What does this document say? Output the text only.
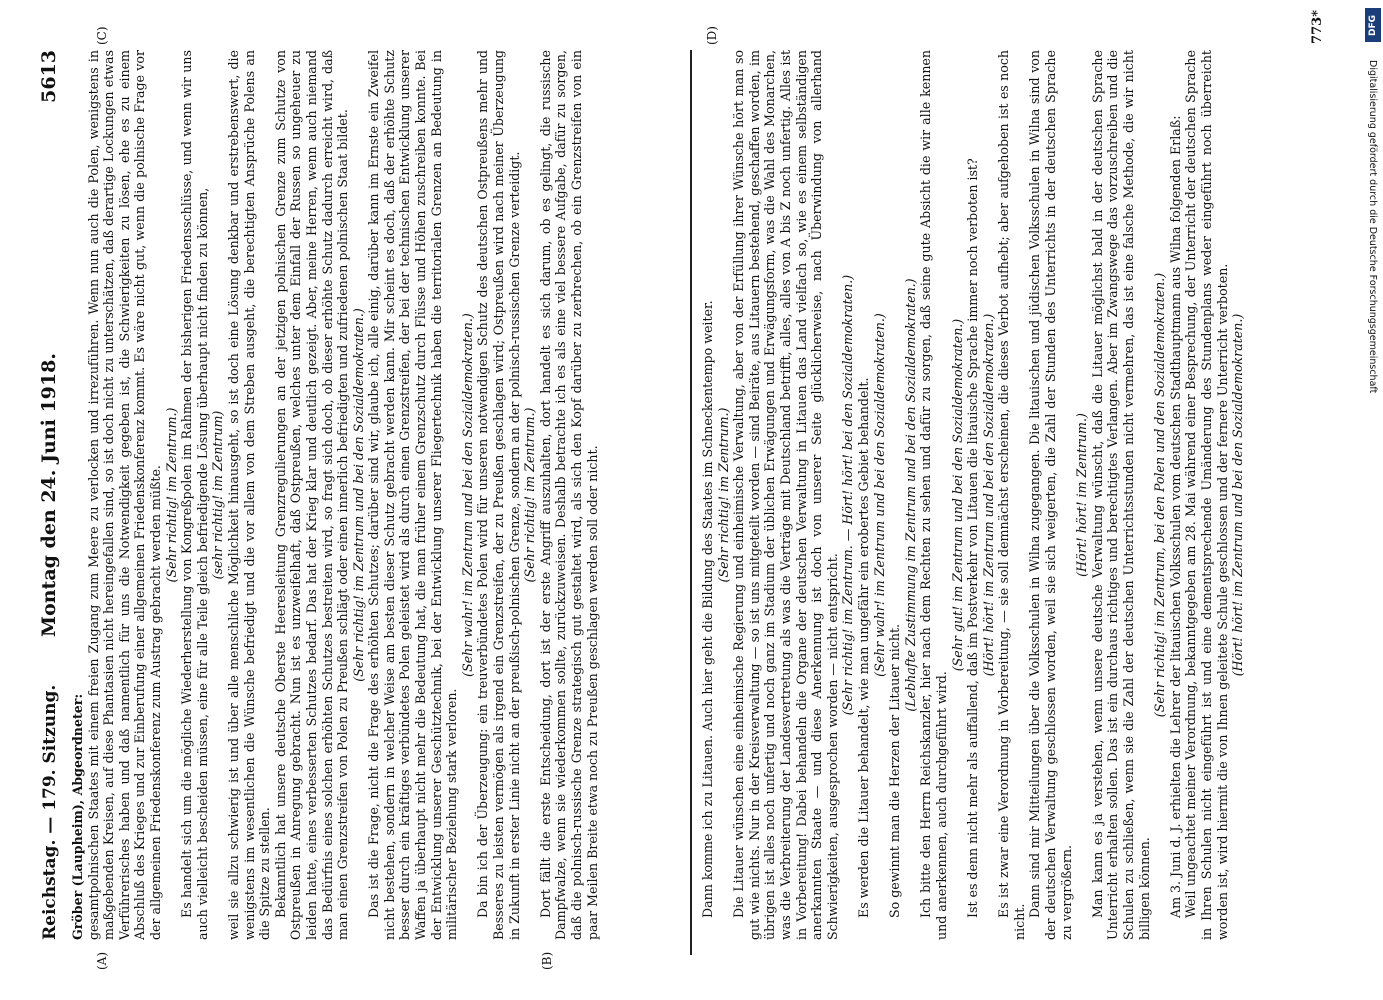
Reichstag. — 179. Sitzung.
Montag den 24. Juni 1918.
5613
(A)	(B)
(C)	(D)

Gröber (Laupheim), Abgeordneter: gesamtpolnischen Staates mit einem freien Zugang zum Meere zu verlocken und irrezuführen. Wenn nun auch die Polen, wenigstens in maßgebenden Kreisen, auf diese Phantasien nicht hereingefallen sind, so ist doch nicht zu unterschätzen, daß derartige Lockungen etwas Verführerisches haben und daß namentlich für uns die Notwendigkeit gegeben ist, die Schwierigkeiten zu lösen, ehe es zu einem Abschluß des Krieges und zur Einberufung einer allgemeinen Friedenskonferenz kommt. Es wäre nicht gut, wenn die polnische Frage vor der allgemeinen Friedenskonferenz zum Austrag gebracht werden müßte. (Sehr richtig! im Zentrum.) Es handelt sich um die mögliche Wiederherstellung von Kongreßpolen im Rahmen der bisherigen Friedensschlüsse, und wenn wir uns auch vielleicht bescheiden müssen, eine für alle Teile gleich befriedigende Lösung überhaupt nicht finden zu können, (sehr richtig! im Zentrum) weil sie allzu schwierig ist und über alle menschliche Möglichkeit hinausgeht, so ist doch eine Lösung denkbar und erstrebenswert, die wenigstens im wesentlichen die Wünsche befriedigt und die vor allem von dem Streben ausgeht, die berechtigten Ansprüche Polens an die Spitze zu stellen. Bekanntlich hat unsere deutsche Oberste Heeresleitung Grenzregulierungen an der jetzigen polnischen Grenze zum Schutze von Ostpreußen in Anregung gebracht. Nun ist es unzweifelhaft, daß Ostpreußen, welches unter dem Einfall der Russen so ungeheuer zu leiden hatte, eines verbesserten Schutzes bedarf. Das hat der Krieg klar und deutlich gezeigt. Aber, meine Herren, wenn auch niemand das Bedürfnis eines solchen erhöhten Schutzes bestreiten wird, so fragt sich doch, ob dieser erhöhte Schutz dadurch erreicht wird, daß man einen Grenzstreifen von Polen zu Preußen schlägt oder einen innerlich befriedigten und zufriedenen polnischen Staat bildet. (Sehr richtig! im Zentrum und bei den Sozialdemokraten.) Das ist die Frage, nicht die Frage des erhöhten Schutzes; darüber sind wir, glaube ich, alle einig, darüber kann im Ernste ein Zweifel nicht bestehen, sondern in welcher Weise am besten dieser Schutz gebracht werden kann. Mir scheint es doch, daß der erhöhte Schutz besser durch ein kräftiges verbündetes Polen geleistet wird als durch einen Grenzstreifen, der bei der technischen Entwicklung unserer Waffen ja überhaupt nicht mehr die Bedeutung hat, die man früher einem Grenzschutz durch Flüsse und Höhen zuschreiben konnte. Bei der Entwicklung unserer Geschütztechnik, bei der Entwicklung unserer Fliegertechnik haben die territorialen Grenzen an Bedeutung in militärischer Beziehung stark verloren.

(Sehr wahr! im Zentrum und bei den Sozialdemokraten.) Da bin ich der Überzeugung: ein treuverbündetes Polen wird für unseren notwendigen Schutz des deutschen Ostpreußens mehr und Besseres zu leisten vermögen als irgend ein Grenzstreifen, der zu Preußen geschlagen wird; Ostpreußen wird nach meiner Überzeugung in Zukunft in erster Linie nicht an der preußisch-polnischen Grenze, sondern an der polnisch-russischen Grenze verteidigt. (Sehr richtig! im Zentrum.) Dort fällt die erste Entscheidung, dort ist der erste Angriff auszuhalten, dort handelt es sich darum, ob es gelingt, die russische Dampfwalze, wenn sie wiederkommen sollte, zurückzuweisen. Deshalb betrachte ich es als eine viel bessere Aufgabe, dafür zu sorgen, daß die polnisch-russische Grenze strategisch gut gestaltet wird, als sich den Kopf darüber zu zerbrechen, ob ein Grenzstreifen von ein paar Meilen Breite etwa noch zu Preußen geschlagen werden soll oder nicht.	Dann komme ich zu Litauen. Auch hier geht die Bildung des Staates im Schneckentempo weiter. (Sehr richtig! im Zentrum.) Die Litauer wünschen eine einheimische Regierung und einheimische Verwaltung, aber von der Erfüllung ihrer Wünsche hört man so gut wie nichts. Nur in der Kreisverwaltung — so ist uns mitgeteilt worden — sind Beiräte, aus Litauern bestehend, geschaffen worden, im übrigen ist alles noch unfertig und noch ganz im Stadium der üblichen Erwägungen und Erwägungsform, was die Wahl des Monarchen, was die Verbreiterung der Landesvertretung als was die Verträge mit Deutschland betrifft, alles, alles von A bis Z noch unfertig. Alles ist in Vorbereitung! Dabei behandeln die Organe der deutschen Verwaltung in Litauen das Land vielfach so, wie es einem selbständigen anerkannten Staate — und diese Anerkennung ist doch von unserer Seite glücklicherweise, nach Überwindung von allerhand Schwierigkeiten, ausgesprochen worden — nicht entspricht.

(Sehr richtig! im Zentrum. — Hört! hört! bei den Sozialdemokraten.) Es werden die Litauer behandelt, wie man ungefähr ein erobertes Gebiet behandelt. (Sehr wahr! im Zentrum und bei den Sozialdemokraten.)

So gewinnt man die Herzen der Litauer nicht.

(Lebhafte Zustimmung im Zentrum und bei den Sozialdemokraten.) Ich bitte den Herrn Reichskanzler, hier nach dem Rechten zu sehen und dafür zu sorgen, daß seine gute Absicht die wir alle kennen und anerkennen, auch durchgeführt wird.

(Sehr gut! im Zentrum und bei den Sozialdemokraten.) Ist es denn nicht mehr als auffallend, daß im Postverkehr von Litauen die litauische Sprache immer noch verboten ist? (Hört! hört! im Zentrum und bei den Sozialdemokraten.) Es ist zwar eine Verordnung in Vorbereitung, — sie soll demnächst erscheinen, die dieses Verbot aufhebt; aber aufgehoben ist es noch nicht.

Dann sind mir Mitteilungen über die Volksschulen in Wilna zugegangen. Die litauischen und jüdischen Volksschulen in Wilna sind von der deutschen Verwaltung geschlossen worden, weil sie sich weigerten, die Zahl der Stunden des Unterrichts in der deutschen Sprache zu vergrößern.

(Hört! hört! im Zentrum.) Man kann es ja verstehen, wenn unsere deutsche Verwaltung wünscht, daß die Litauer möglichst bald in der deutschen Sprache Unterricht erhalten sollen. Das ist ein durchaus richtiges und berechtigtes Verlangen. Aber im Zwangswege das vorzuschreiben und die Schulen zu schließen, wenn sie die Zahl der deutschen Unterrichtsstunden nicht vermehren, das ist eine falsche Methode, die wir nicht billigen können.

(Sehr richtig! im Zentrum, bei den Polen und den Sozialdemokraten.) Am 3. Juni d. J. erhielten die Lehrer der litauischen Volksschulen vom deutschen Stadthauptmann aus Wilna folgenden Erlaß: Weil ungeachtet meiner Verordnung, bekanntgegeben am 28. Mai während einer Besprechung, der Unterricht der deutschen Sprache in Ihren Schulen nicht eingeführt ist und eine dementsprechende Umänderung des Stundenplans weder eingeführt noch überreicht worden ist, wird hiermit die von Ihnen geleitete Schule geschlossen und der fernere Unterricht verboten. (Hört! hört! im Zentrum und bei den Sozialdemokraten.)

773*	DFG
Digitalisierung gefördert durch die Deutsche Forschungsgemeinschaft
